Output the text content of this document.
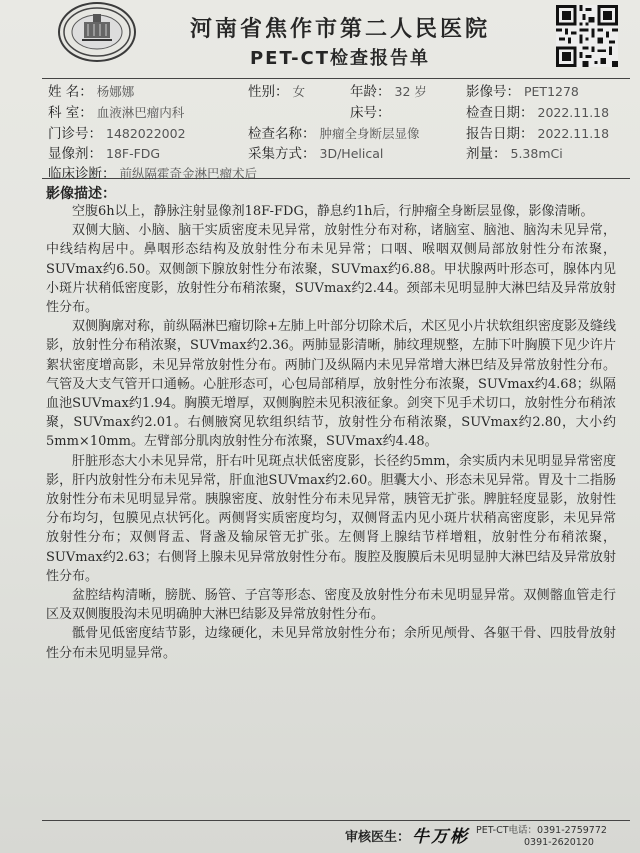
河南省焦作市第二人民医院
PET-CT检查报告单
姓 名： 杨娜娜	性别： 女	年龄： 32 岁	影像号： PET1278
科 室： 血液淋巴瘤内科	床号：	检查日期： 2022.11.18
门诊号： 1482022002	检查名称： 肿瘤全身断层显像	报告日期： 2022.11.18
显像剂： 18F-FDG	采集方式： 3D/Helical	剂量： 5.38mCi
临床诊断： 前纵隔霍奇金淋巴瘤术后
影像描述：

空腹6h以上，静脉注射显像剂18F-FDG，静息约1h后，行肿瘤全身断层显像，影像清晰。

双侧大脑、小脑、脑干实质密度未见异常，放射性分布对称，诸脑室、脑池、脑沟未见异常，中线结构居中。鼻咽形态结构及放射性分布未见异常；口咽、喉咽双侧局部放射性分布浓聚，SUVmax约6.50。双侧颌下腺放射性分布浓聚，SUVmax约6.88。甲状腺两叶形态可，腺体内见小斑片状稍低密度影，放射性分布稍浓聚，SUVmax约2.44。颈部未见明显肿大淋巴结及异常放射性分布。

双侧胸廓对称，前纵隔淋巴瘤切除+左肺上叶部分切除术后，术区见小片状软组织密度影及缝线影，放射性分布稍浓聚，SUVmax约2.36。两肺显影清晰，肺纹理规整，左肺下叶胸膜下见少许片絮状密度增高影，未见异常放射性分布。两肺门及纵隔内未见异常增大淋巴结及异常放射性分布。气管及大支气管开口通畅。心脏形态可，心包局部稍厚，放射性分布浓聚，SUVmax约4.68；纵隔血池SUVmax约1.94。胸膜无增厚，双侧胸腔未见积液征象。剑突下见手术切口，放射性分布稍浓聚，SUVmax约2.01。右侧腋窝见软组织结节，放射性分布稍浓聚，SUVmax约2.80，大小约5mm×10mm。左臂部分肌肉放射性分布浓聚，SUVmax约4.48。

肝脏形态大小未见异常，肝右叶见斑点状低密度影，长径约5mm，余实质内未见明显异常密度影，肝内放射性分布未见异常，肝血池SUVmax约2.60。胆囊大小、形态未见异常。胃及十二指肠放射性分布未见明显异常。胰腺密度、放射性分布未见异常，胰管无扩张。脾脏轻度显影，放射性分布均匀，包膜见点状钙化。两侧肾实质密度均匀，双侧肾盂内见小斑片状稍高密度影，未见异常放射性分布；双侧肾盂、肾盏及输尿管无扩张。左侧肾上腺结节样增粗，放射性分布稍浓聚，SUVmax约2.63；右侧肾上腺未见异常放射性分布。腹腔及腹膜后未见明显肿大淋巴结及异常放射性分布。

盆腔结构清晰，膀胱、肠管、子宫等形态、密度及放射性分布未见明显异常。双侧髂血管走行区及双侧腹股沟未见明确肿大淋巴结影及异常放射性分布。

骶骨见低密度结节影，边缘硬化，未见异常放射性分布；余所见颅骨、各躯干骨、四肢骨放射性分布未见明显异常。

审核医生： 牛万彬 PET-CT电话：0391-2759772
0391-2620120
